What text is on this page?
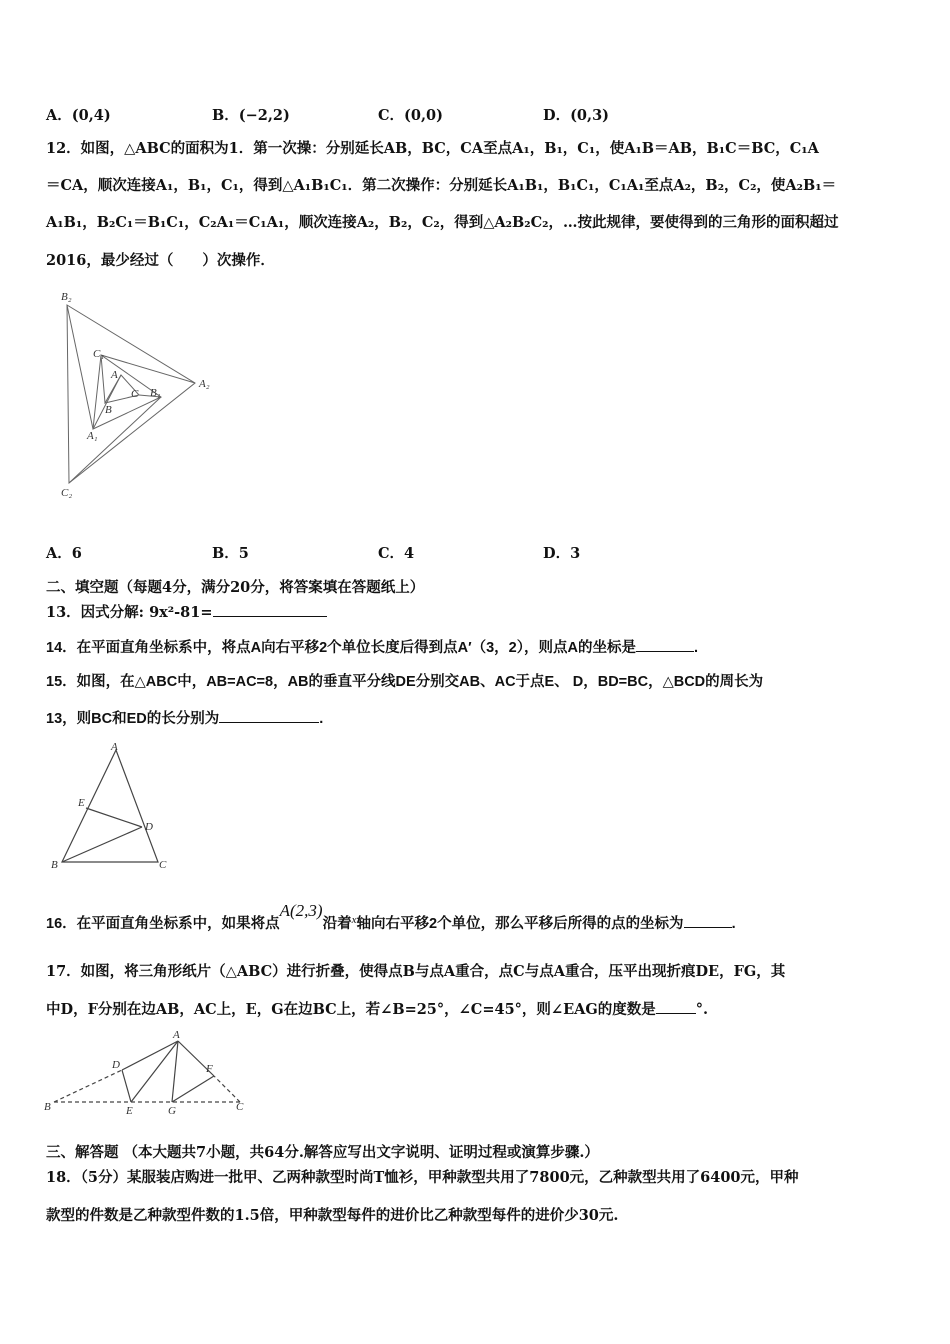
A．(0,4)	B．(−2,2)	C．(0,0)	D．(0,3)
12．如图，△ABC的面积为1．第一次操：分别延长AB，BC，CA至点A₁，B₁，C₁，使A₁B＝AB，B₁C＝BC，C₁A
＝CA，顺次连接A₁，B₁，C₁，得到△A₁B₁C₁．第二次操作：分别延长A₁B₁，B₁C₁，C₁A₁至点A₂，B₂，C₂，使A₂B₁＝
A₁B₁，B₂C₁＝B₁C₁，C₂A₁＝C₁A₁，顺次连接A₂，B₂，C₂，得到△A₂B₂C₂，…按此规律，要使得到的三角形的面积超过
2016，最少经过（　　）次操作．
B₂
C₁
A
C B₁
A₂
B
A₁
C₂
A．6	B．5	C．4	D．3
二、填空题（每题4分，满分20分，将答案填在答题纸上）
13．因式分解: 9x²-81=
14．在平面直角坐标系中，将点A向右平移2个单位长度后得到点A′（3，2），则点A的坐标是	.
15．如图，在△ABC中，AB=AC=8，AB的垂直平分线DE分别交AB、AC于点E、 D，BD=BC，△BCD的周长为
13，则BC和ED的长分别为	.
A
E
D
B	C
16．在平面直角坐标系中，如果将点A(2,3)沿着$^x$轴向右平移2个单位，那么平移后所得的点的坐标为	.
17．如图，将三角形纸片（△ABC）进行折叠，使得点B与点A重合，点C与点A重合，压平出现折痕DE，FG，其
中D，F分别在边AB，AC上，E，G在边BC上，若∠B=25°，∠C=45°，则∠EAG的度数是	°.
A
D	F
B	E	G	C
三、解答题 （本大题共7小题，共64分.解答应写出文字说明、证明过程或演算步骤.）
18．（5分）某服装店购进一批甲、乙两种款型时尚T恤衫，甲种款型共用了7800元，乙种款型共用了6400元，甲种
款型的件数是乙种款型件数的1.5倍，甲种款型每件的进价比乙种款型每件的进价少30元.
